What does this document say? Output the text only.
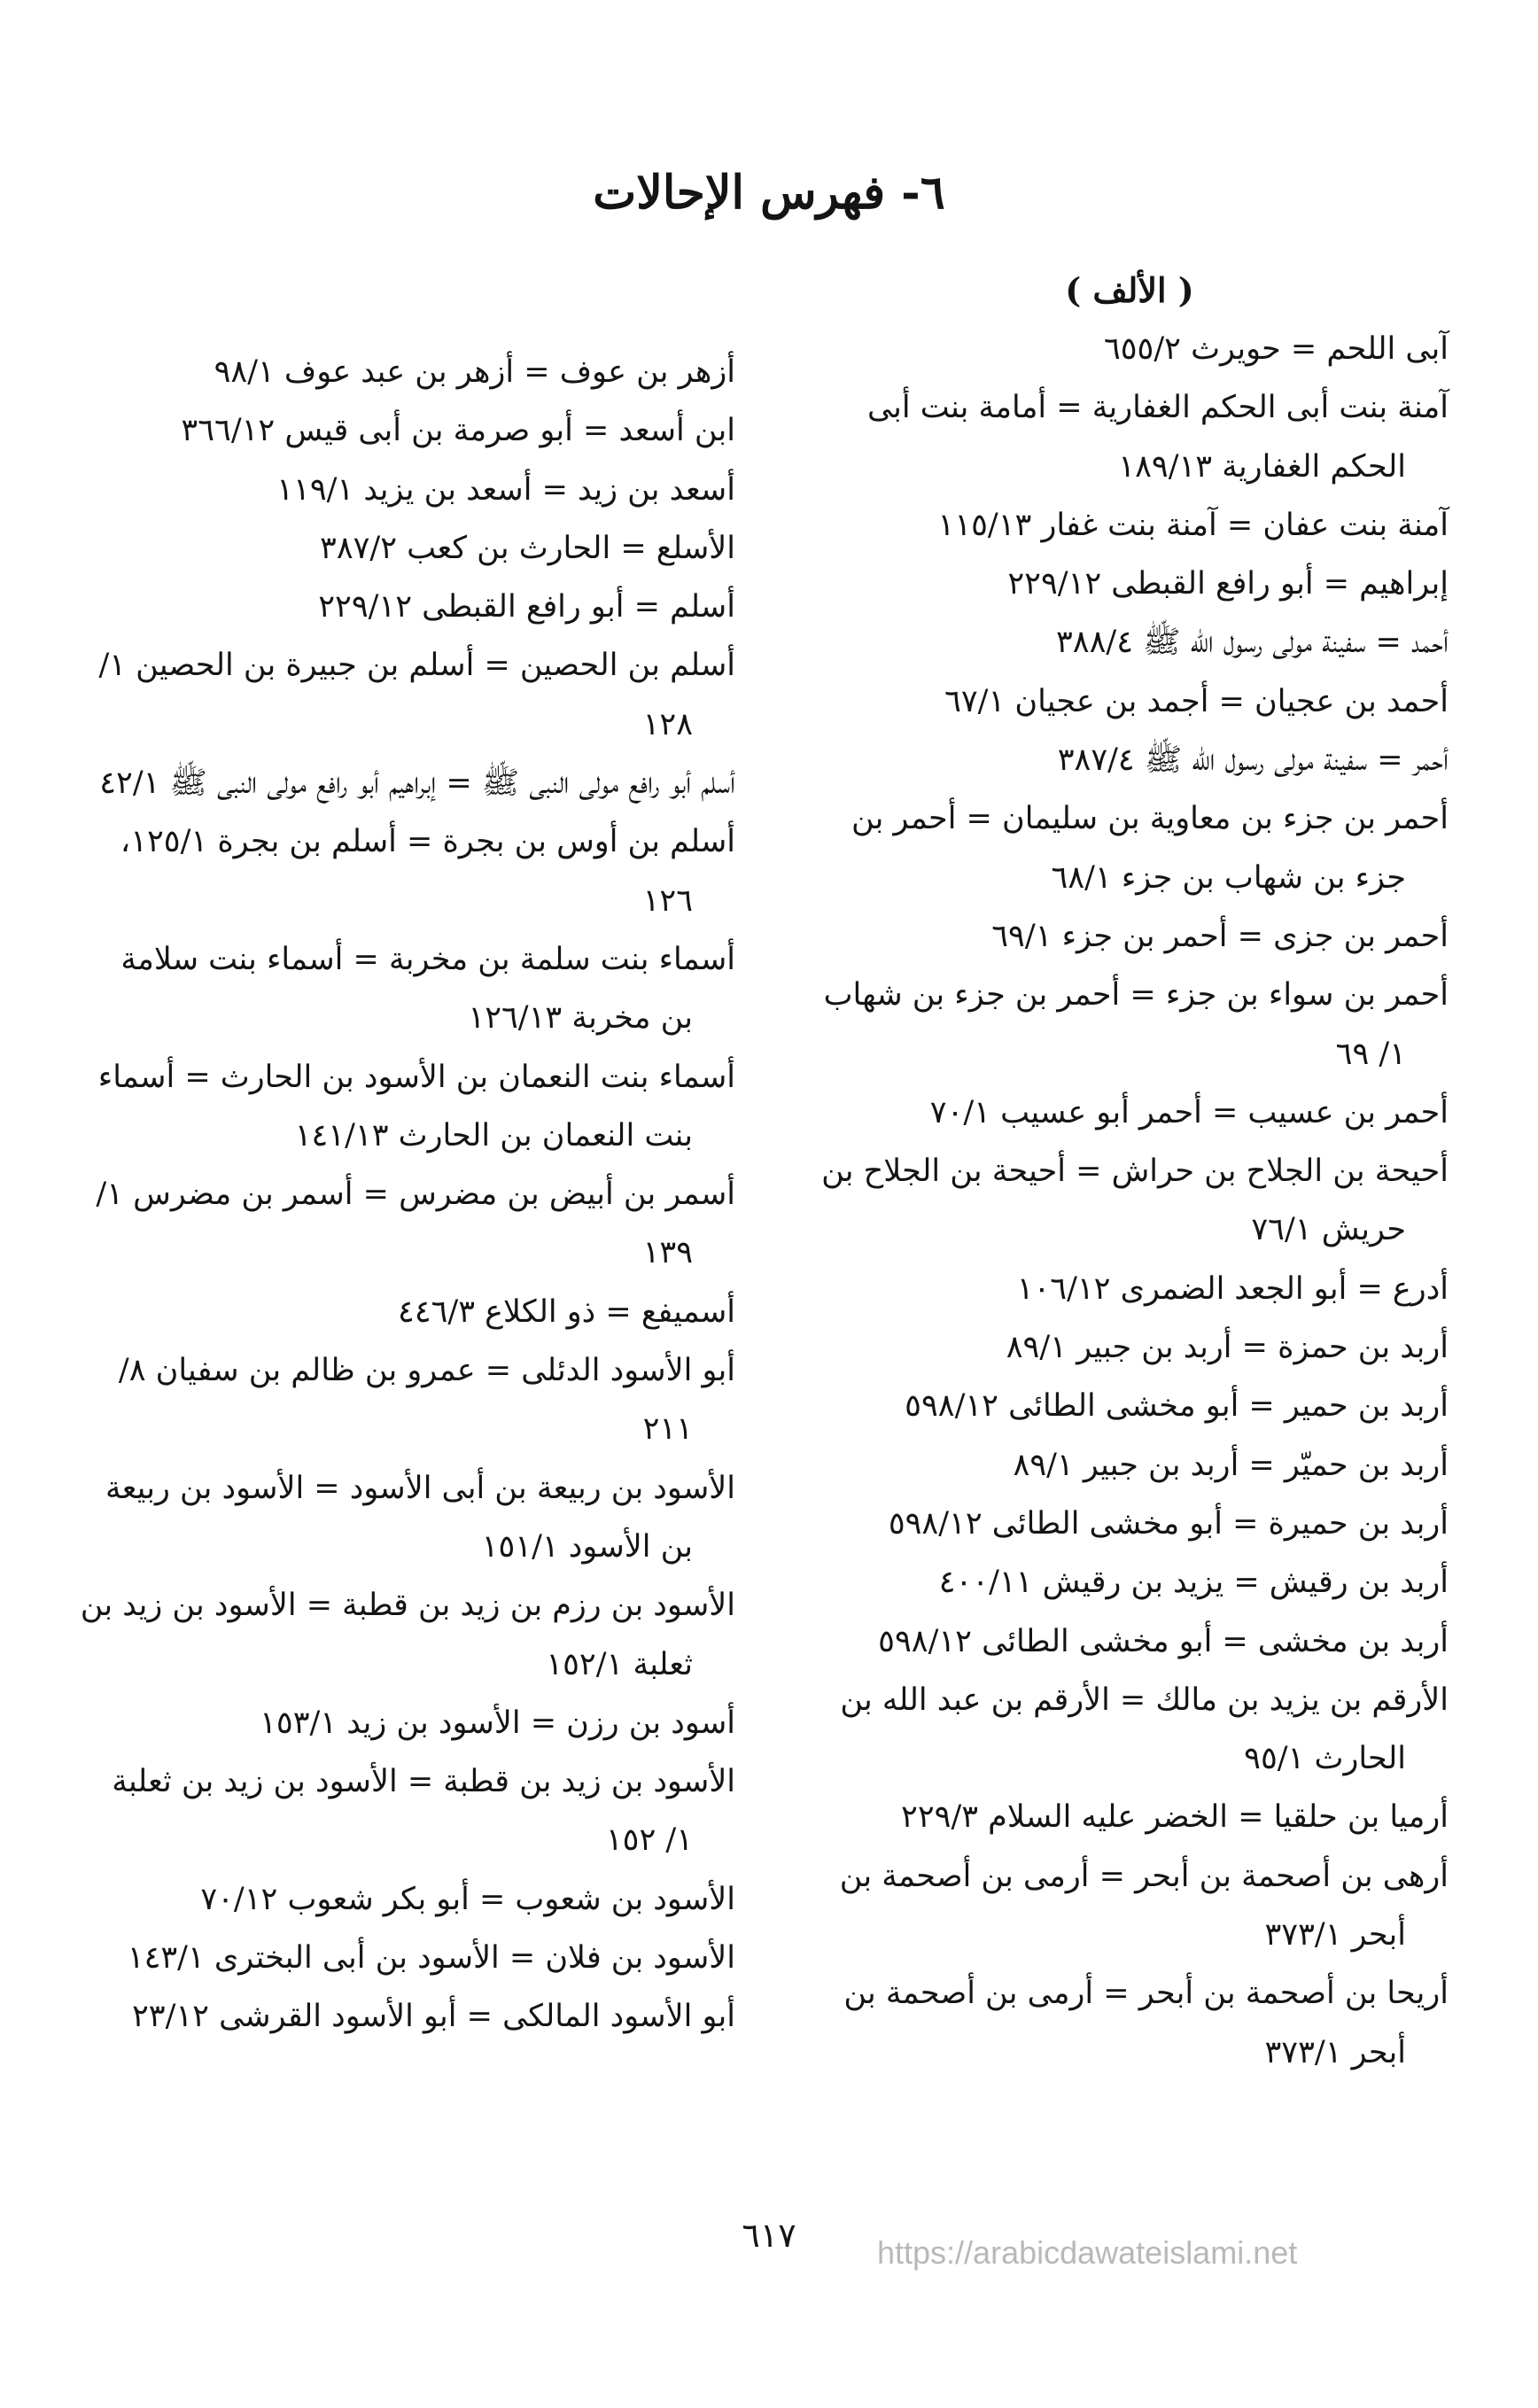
٦- فهرس الإحالات
( الألف )

آبى اللحم = حويرث ٦٥٥/٢

آمنة بنت أبى الحكم الغفارية = أمامة بنت أبى الحكم الغفارية ١٨٩/١٣

آمنة بنت عفان = آمنة بنت غفار ١١٥/١٣

إبراهيم = أبو رافع القبطى ٢٢٩/١٢

أحمد = سفينة مولى رسول الله ﷺ ٣٨٨/٤

أحمد بن عجيان = أجمد بن عجيان ٦٧/١

أحمر = سفينة مولى رسول الله ﷺ ٣٨٧/٤

أحمر بن جزء بن معاوية بن سليمان = أحمر بن جزء بن شهاب بن جزء ٦٨/١

أحمر بن جزى = أحمر بن جزء ٦٩/١

أحمر بن سواء بن جزء = أحمر بن جزء بن شهاب ١/ ٦٩

أحمر بن عسيب = أحمر أبو عسيب ٧٠/١

أحيحة بن الجلاح بن حراش = أحيحة بن الجلاح بن حريش ٧٦/١

أدرع = أبو الجعد الضمرى ١٠٦/١٢

أربد بن حمزة = أربد بن جبير ٨٩/١

أربد بن حمير = أبو مخشى الطائى ٥٩٨/١٢

أربد بن حميّر = أربد بن جبير ٨٩/١

أربد بن حميرة = أبو مخشى الطائى ٥٩٨/١٢

أربد بن رقيش = يزيد بن رقيش ٤٠٠/١١

أربد بن مخشى = أبو مخشى الطائى ٥٩٨/١٢

الأرقم بن يزيد بن مالك = الأرقم بن عبد الله بن الحارث ٩٥/١

أرميا بن حلقيا = الخضر عليه السلام ٢٢٩/٣

أرهى بن أصحمة بن أبحر = أرمى بن أصحمة بن أبحر ٣٧٣/١

أريحا بن أصحمة بن أبحر = أرمى بن أصحمة بن أبحر ٣٧٣/١

أزهر بن عوف = أزهر بن عبد عوف ٩٨/١

ابن أسعد = أبو صرمة بن أبى قيس ٣٦٦/١٢

أسعد بن زيد = أسعد بن يزيد ١١٩/١

الأسلع = الحارث بن كعب ٣٨٧/٢

أسلم = أبو رافع القبطى ٢٢٩/١٢

أسلم بن الحصين = أسلم بن جبيرة بن الحصين ١/ ١٢٨

أسلم أبو رافع مولى النبى ﷺ = إبراهيم أبو رافع مولى النبى ﷺ ٤٢/١

أسلم بن أوس بن بجرة = أسلم بن بجرة ١٢٥/١، ١٢٦

أسماء بنت سلمة بن مخربة = أسماء بنت سلامة بن مخربة ١٢٦/١٣

أسماء بنت النعمان بن الأسود بن الحارث = أسماء بنت النعمان بن الحارث ١٤١/١٣

أسمر بن أبيض بن مضرس = أسمر بن مضرس ١/ ١٣٩

أسميفع = ذو الكلاع ٤٤٦/٣

أبو الأسود الدئلى = عمرو بن ظالم بن سفيان ٨/ ٢١١

الأسود بن ربيعة بن أبى الأسود = الأسود بن ربيعة بن الأسود ١٥١/١

الأسود بن رزم بن زيد بن قطبة = الأسود بن زيد بن ثعلبة ١٥٢/١

أسود بن رزن = الأسود بن زيد ١٥٣/١

الأسود بن زيد بن قطبة = الأسود بن زيد بن ثعلبة ١/ ١٥٢

الأسود بن شعوب = أبو بكر شعوب ٧٠/١٢

الأسود بن فلان = الأسود بن أبى البخترى ١٤٣/١

أبو الأسود المالكى = أبو الأسود القرشى ٢٣/١٢

٦١٧	https://arabicdawateislami.net
